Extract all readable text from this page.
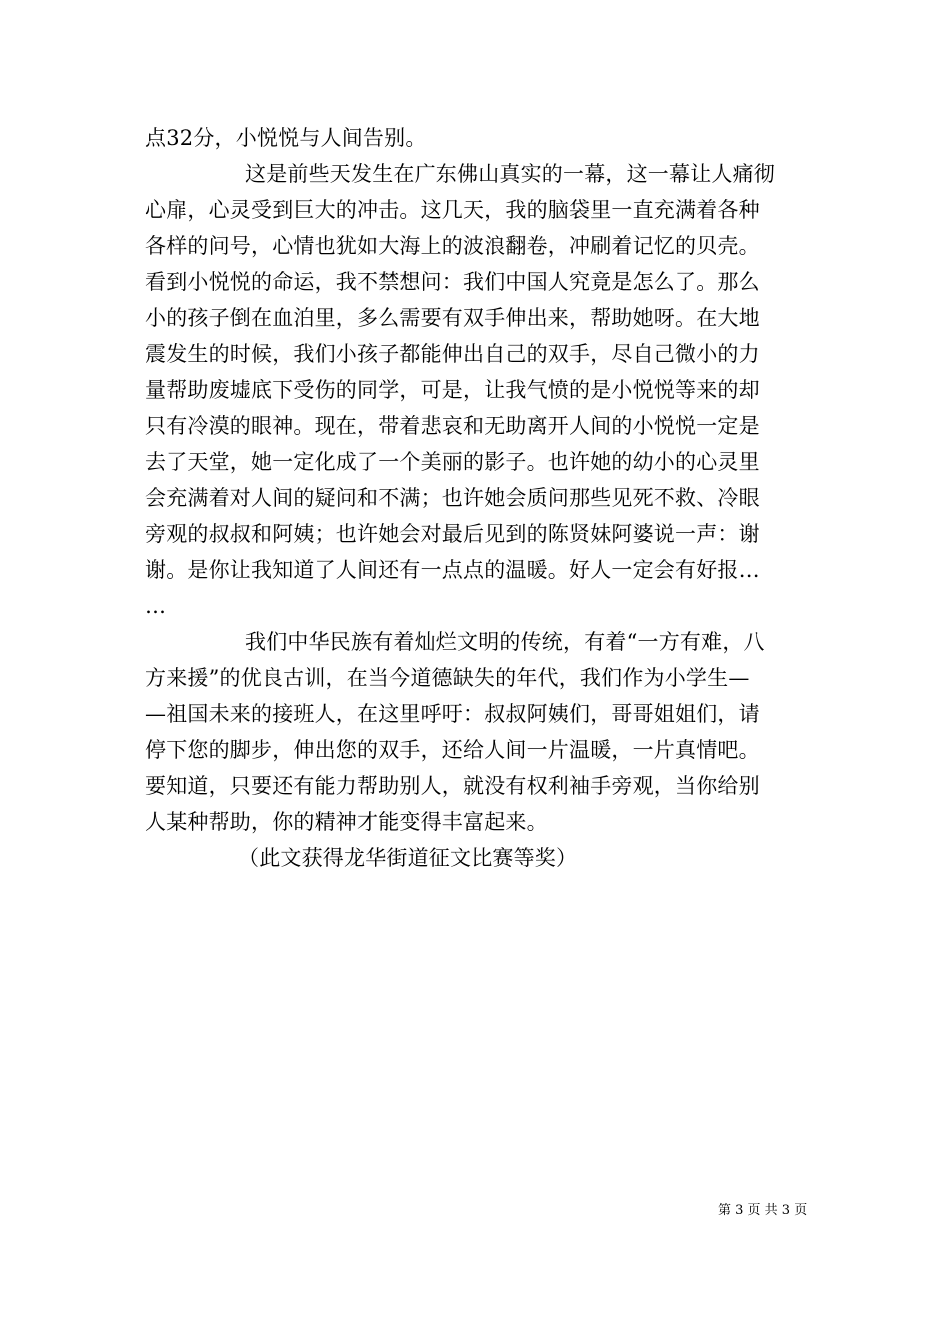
点32分，小悦悦与人间告别。
这是前些天发生在广东佛山真实的一幕，这一幕让人痛彻
心扉，心灵受到巨大的冲击。这几天，我的脑袋里一直充满着各种
各样的问号，心情也犹如大海上的波浪翻卷，冲刷着记忆的贝壳。
看到小悦悦的命运，我不禁想问：我们中国人究竟是怎么了。那么
小的孩子倒在血泊里，多么需要有双手伸出来，帮助她呀。在大地
震发生的时候，我们小孩子都能伸出自己的双手，尽自己微小的力
量帮助废墟底下受伤的同学，可是，让我气愤的是小悦悦等来的却
只有冷漠的眼神。现在，带着悲哀和无助离开人间的小悦悦一定是
去了天堂，她一定化成了一个美丽的影子。也许她的幼小的心灵里
会充满着对人间的疑问和不满；也许她会质问那些见死不救、冷眼
旁观的叔叔和阿姨；也许她会对最后见到的陈贤妹阿婆说一声：谢
谢。是你让我知道了人间还有一点点的温暖。好人一定会有好报…
…
我们中华民族有着灿烂文明的传统，有着“一方有难，八
方来援”的优良古训，在当今道德缺失的年代，我们作为小学生—
—祖国未来的接班人，在这里呼吁：叔叔阿姨们，哥哥姐姐们，请
停下您的脚步，伸出您的双手，还给人间一片温暖，一片真情吧。
要知道，只要还有能力帮助别人，就没有权利袖手旁观，当你给别
人某种帮助，你的精神才能变得丰富起来。
（此文获得龙华街道征文比赛等奖）
第 3 页 共 3 页
